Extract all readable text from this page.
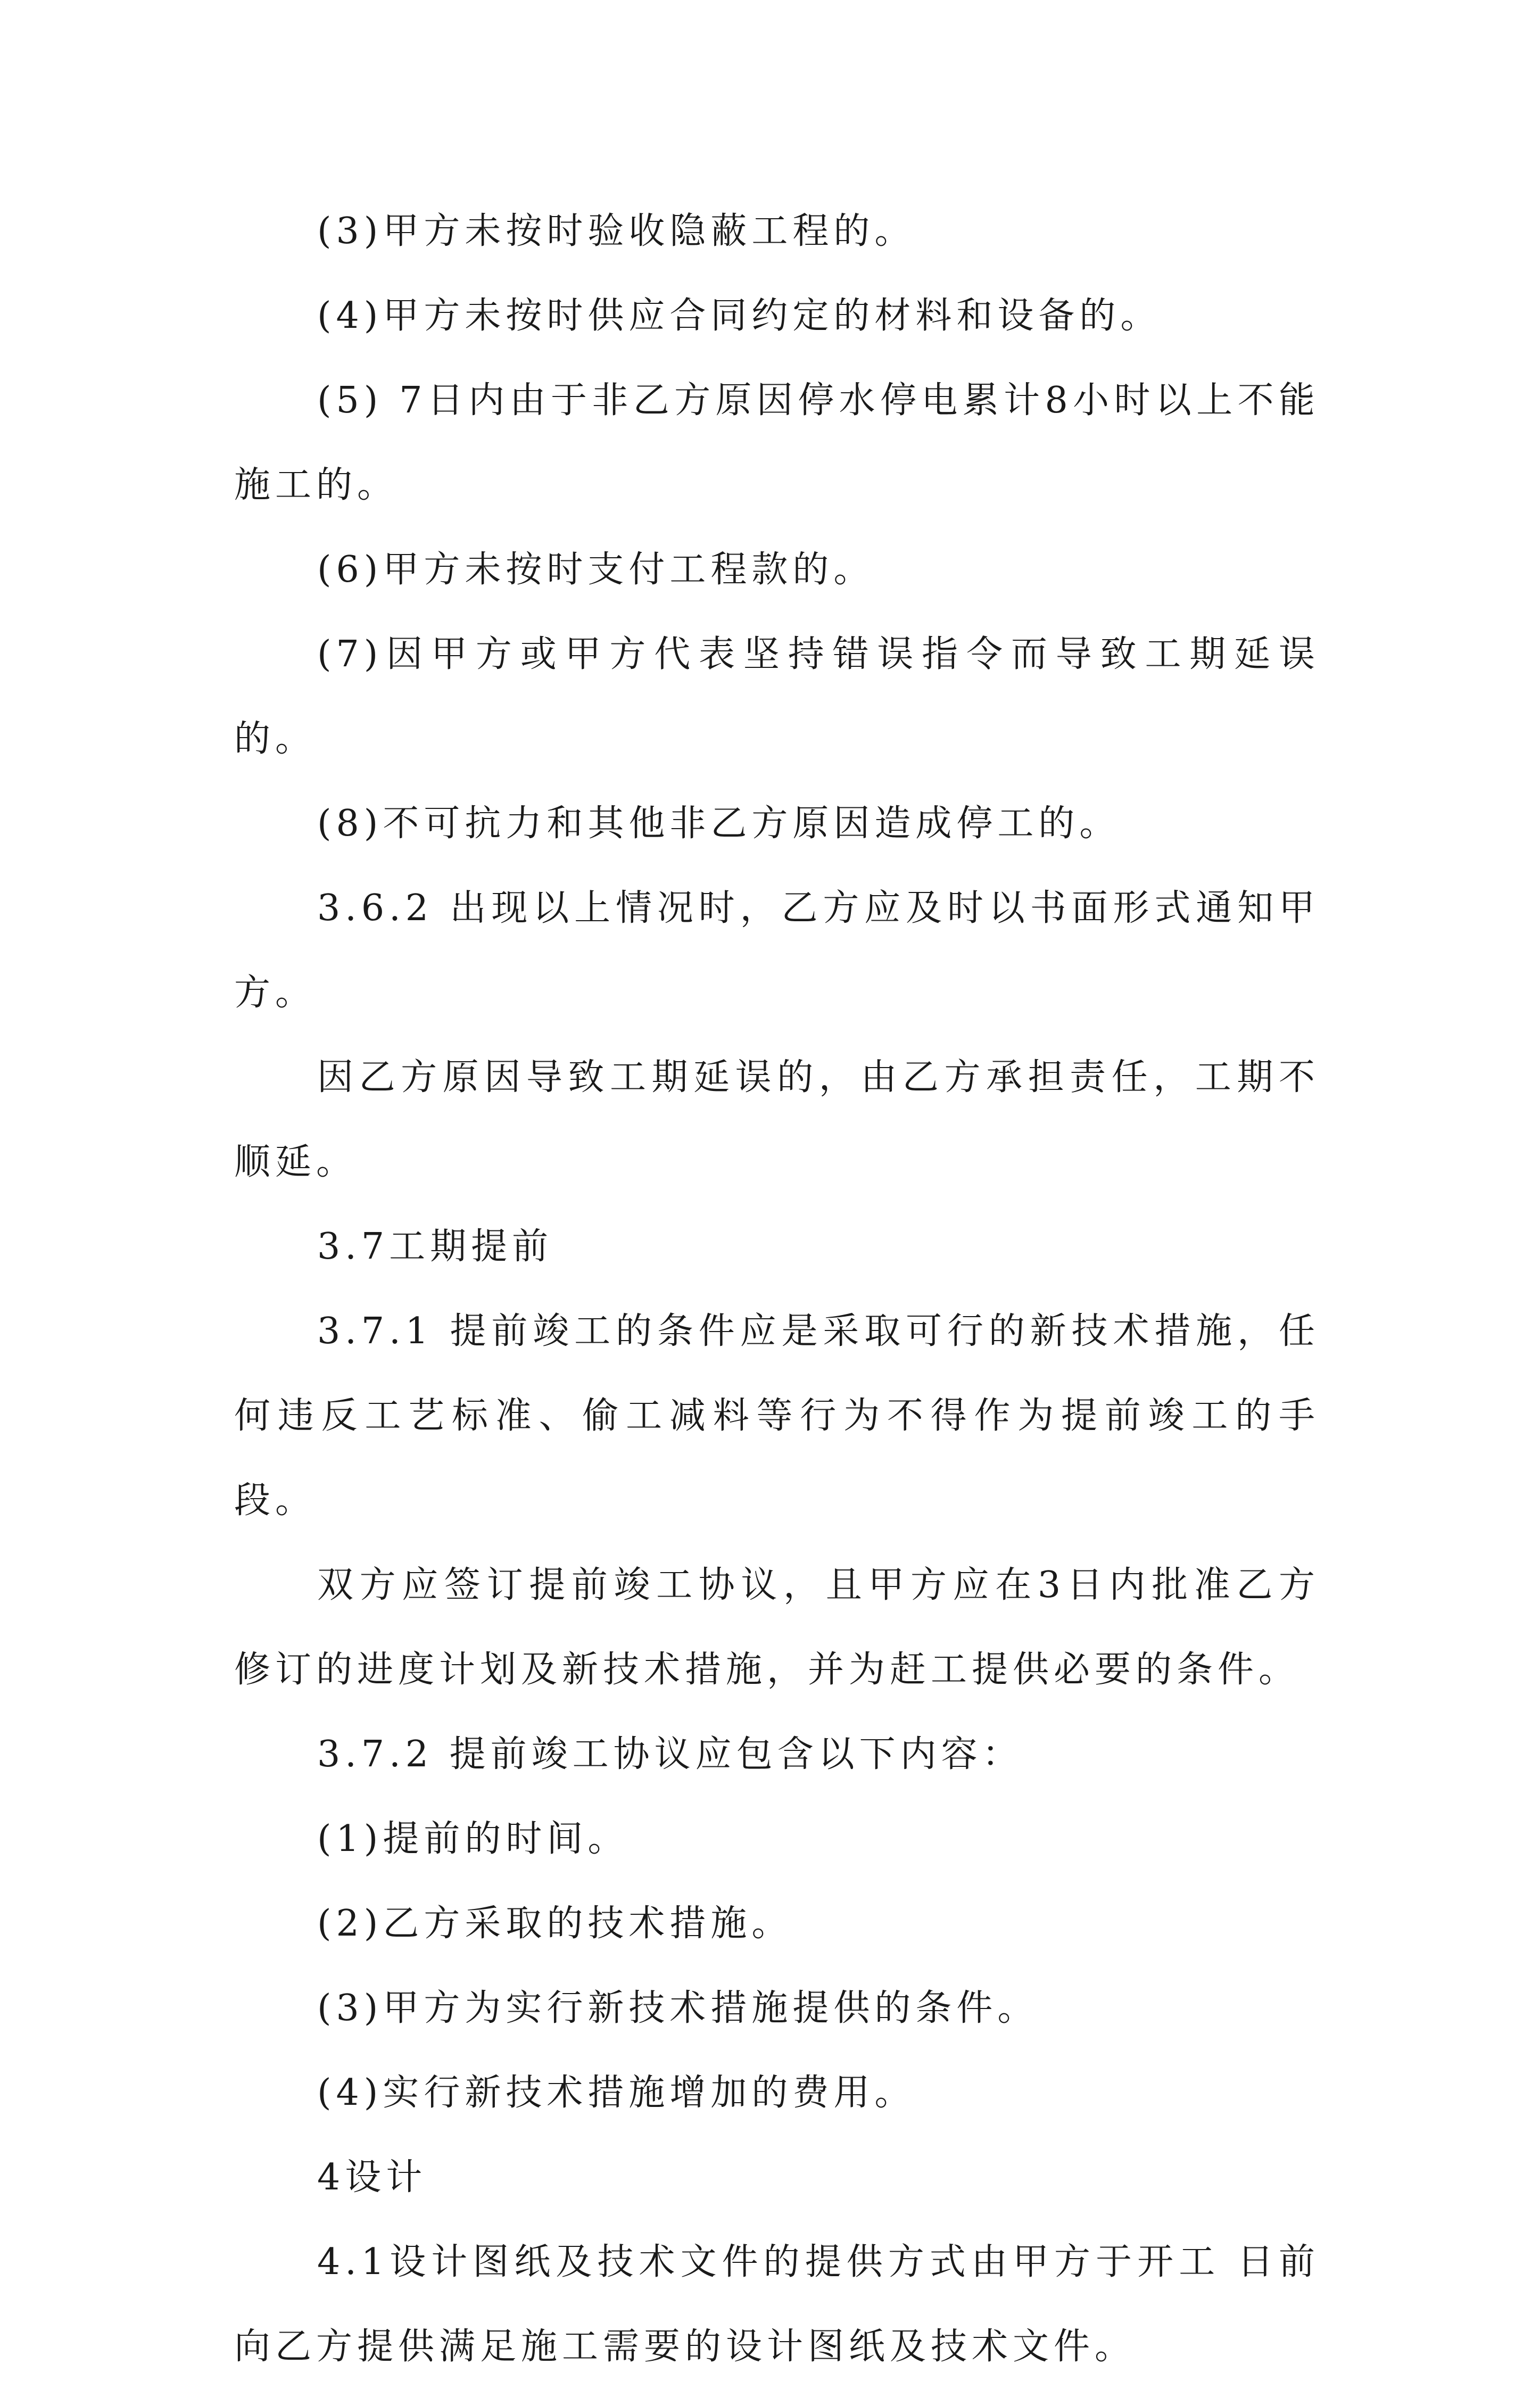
(3)甲方未按时验收隐蔽工程的。

(4)甲方未按时供应合同约定的材料和设备的。

(5) 7日内由于非乙方原因停水停电累计8小时以上不能施工的。

(6)甲方未按时支付工程款的。

(7)因甲方或甲方代表坚持错误指令而导致工期延误的。

(8)不可抗力和其他非乙方原因造成停工的。

3.6.2 出现以上情况时，乙方应及时以书面形式通知甲方。

因乙方原因导致工期延误的，由乙方承担责任，工期不顺延。

3.7工期提前

3.7.1 提前竣工的条件应是采取可行的新技术措施，任何违反工艺标准、偷工减料等行为不得作为提前竣工的手段。

双方应签订提前竣工协议，且甲方应在3日内批准乙方修订的进度计划及新技术措施，并为赶工提供必要的条件。

3.7.2 提前竣工协议应包含以下内容：

(1)提前的时间。

(2)乙方采取的技术措施。

(3)甲方为实行新技术措施提供的条件。

(4)实行新技术措施增加的费用。

4设计

4.1设计图纸及技术文件的提供方式由甲方于开工 日前向乙方提供满足施工需要的设计图纸及技术文件。
